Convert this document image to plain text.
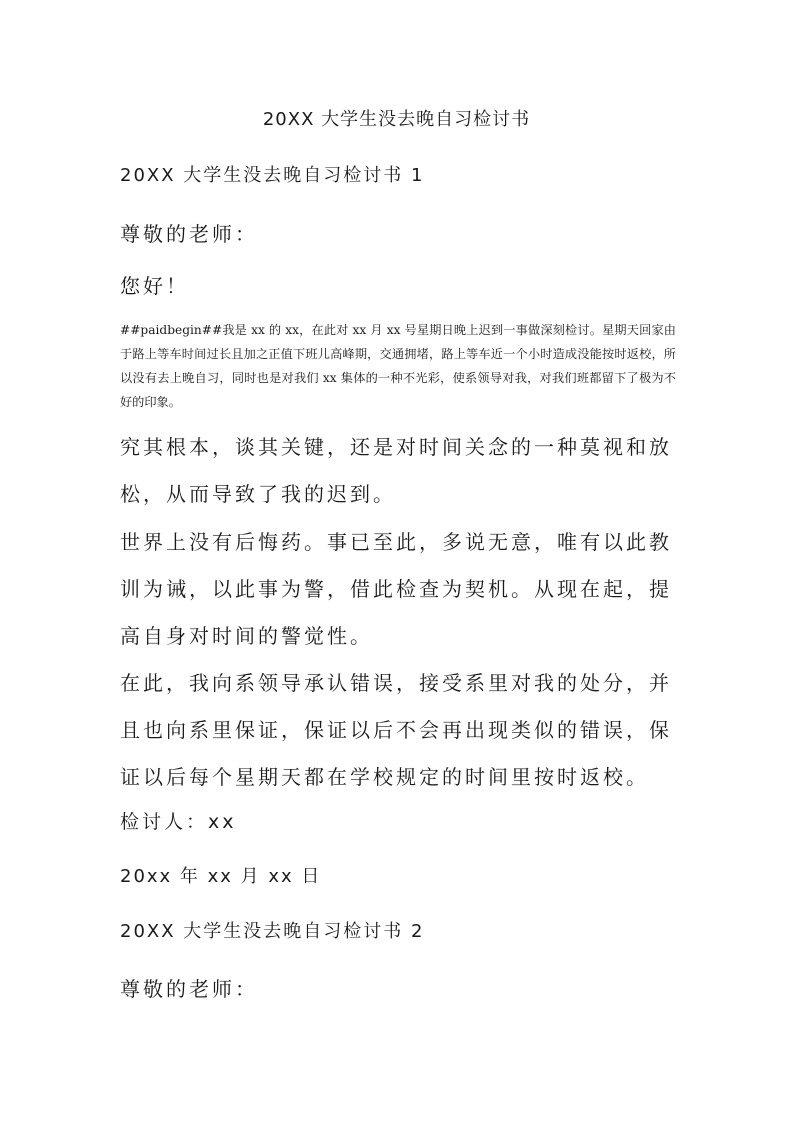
20XX 大学生没去晚自习检讨书

20XX 大学生没去晚自习检讨书 1

尊敬的老师：

您好！

##paidbegin##我是 xx 的 xx，在此对 xx 月 xx 号星期日晚上迟到一事做深刻检讨。星期天回家由于路上等车时间过长且加之正值下班儿高峰期，交通拥堵，路上等车近一个小时造成没能按时返校，所以没有去上晚自习，同时也是对我们 xx 集体的一种不光彩，使系领导对我，对我们班都留下了极为不好的印象。

究其根本，谈其关键，还是对时间关念的一种莫视和放松，从而导致了我的迟到。

世界上没有后悔药。事已至此，多说无意，唯有以此教训为诫，以此事为警，借此检查为契机。从现在起，提高自身对时间的警觉性。

在此，我向系领导承认错误，接受系里对我的处分，并且也向系里保证，保证以后不会再出现类似的错误，保证以后每个星期天都在学校规定的时间里按时返校。

检讨人：xx

20xx 年 xx 月 xx 日

20XX 大学生没去晚自习检讨书 2

尊敬的老师：
